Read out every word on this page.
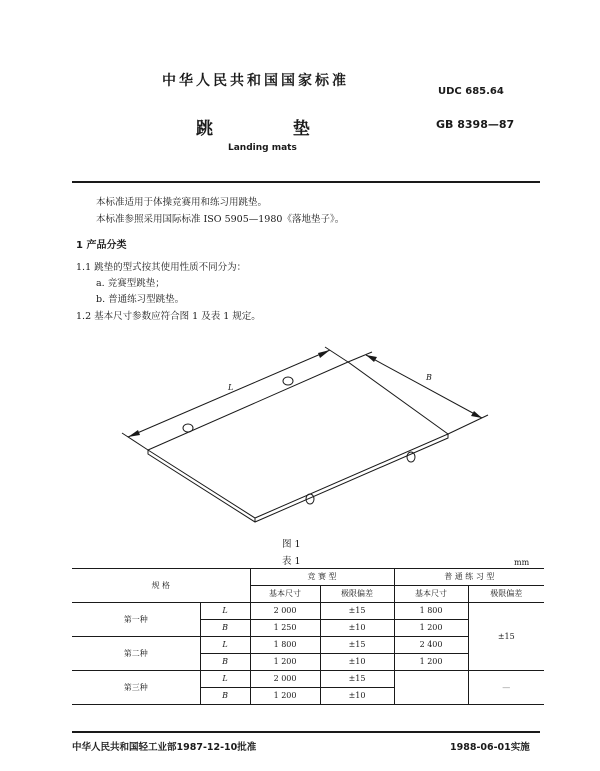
中华人民共和国国家标准
UDC 685.64
跳 垫	GB 8398—87
Landing mats
本标准适用于体操竞赛用和练习用跳垫。
本标准参照采用国际标准 ISO 5905—1980《落地垫子》。
1 产品分类
1.1 跳垫的型式按其使用性质不同分为：
a. 竞赛型跳垫；
b. 普通练习型跳垫。
1.2 基本尺寸参数应符合图 1 及表 1 规定。
L
B
图 1
表 1	mm
规 格		竞 赛 型		普 通 练 习 型	
		基本尺寸	极限偏差	基本尺寸	极限偏差
第一种	L	2 000	±15	1 800	±15
	B	1 250	±10	1 200	
第二种	L	1 800	±15	2 400	
	B	1 200	±10	1 200	
第三种	L	2 000	±15		—
	B	1 200	±10		
中华人民共和国轻工业部1987-12-10批准	1988-06-01实施
